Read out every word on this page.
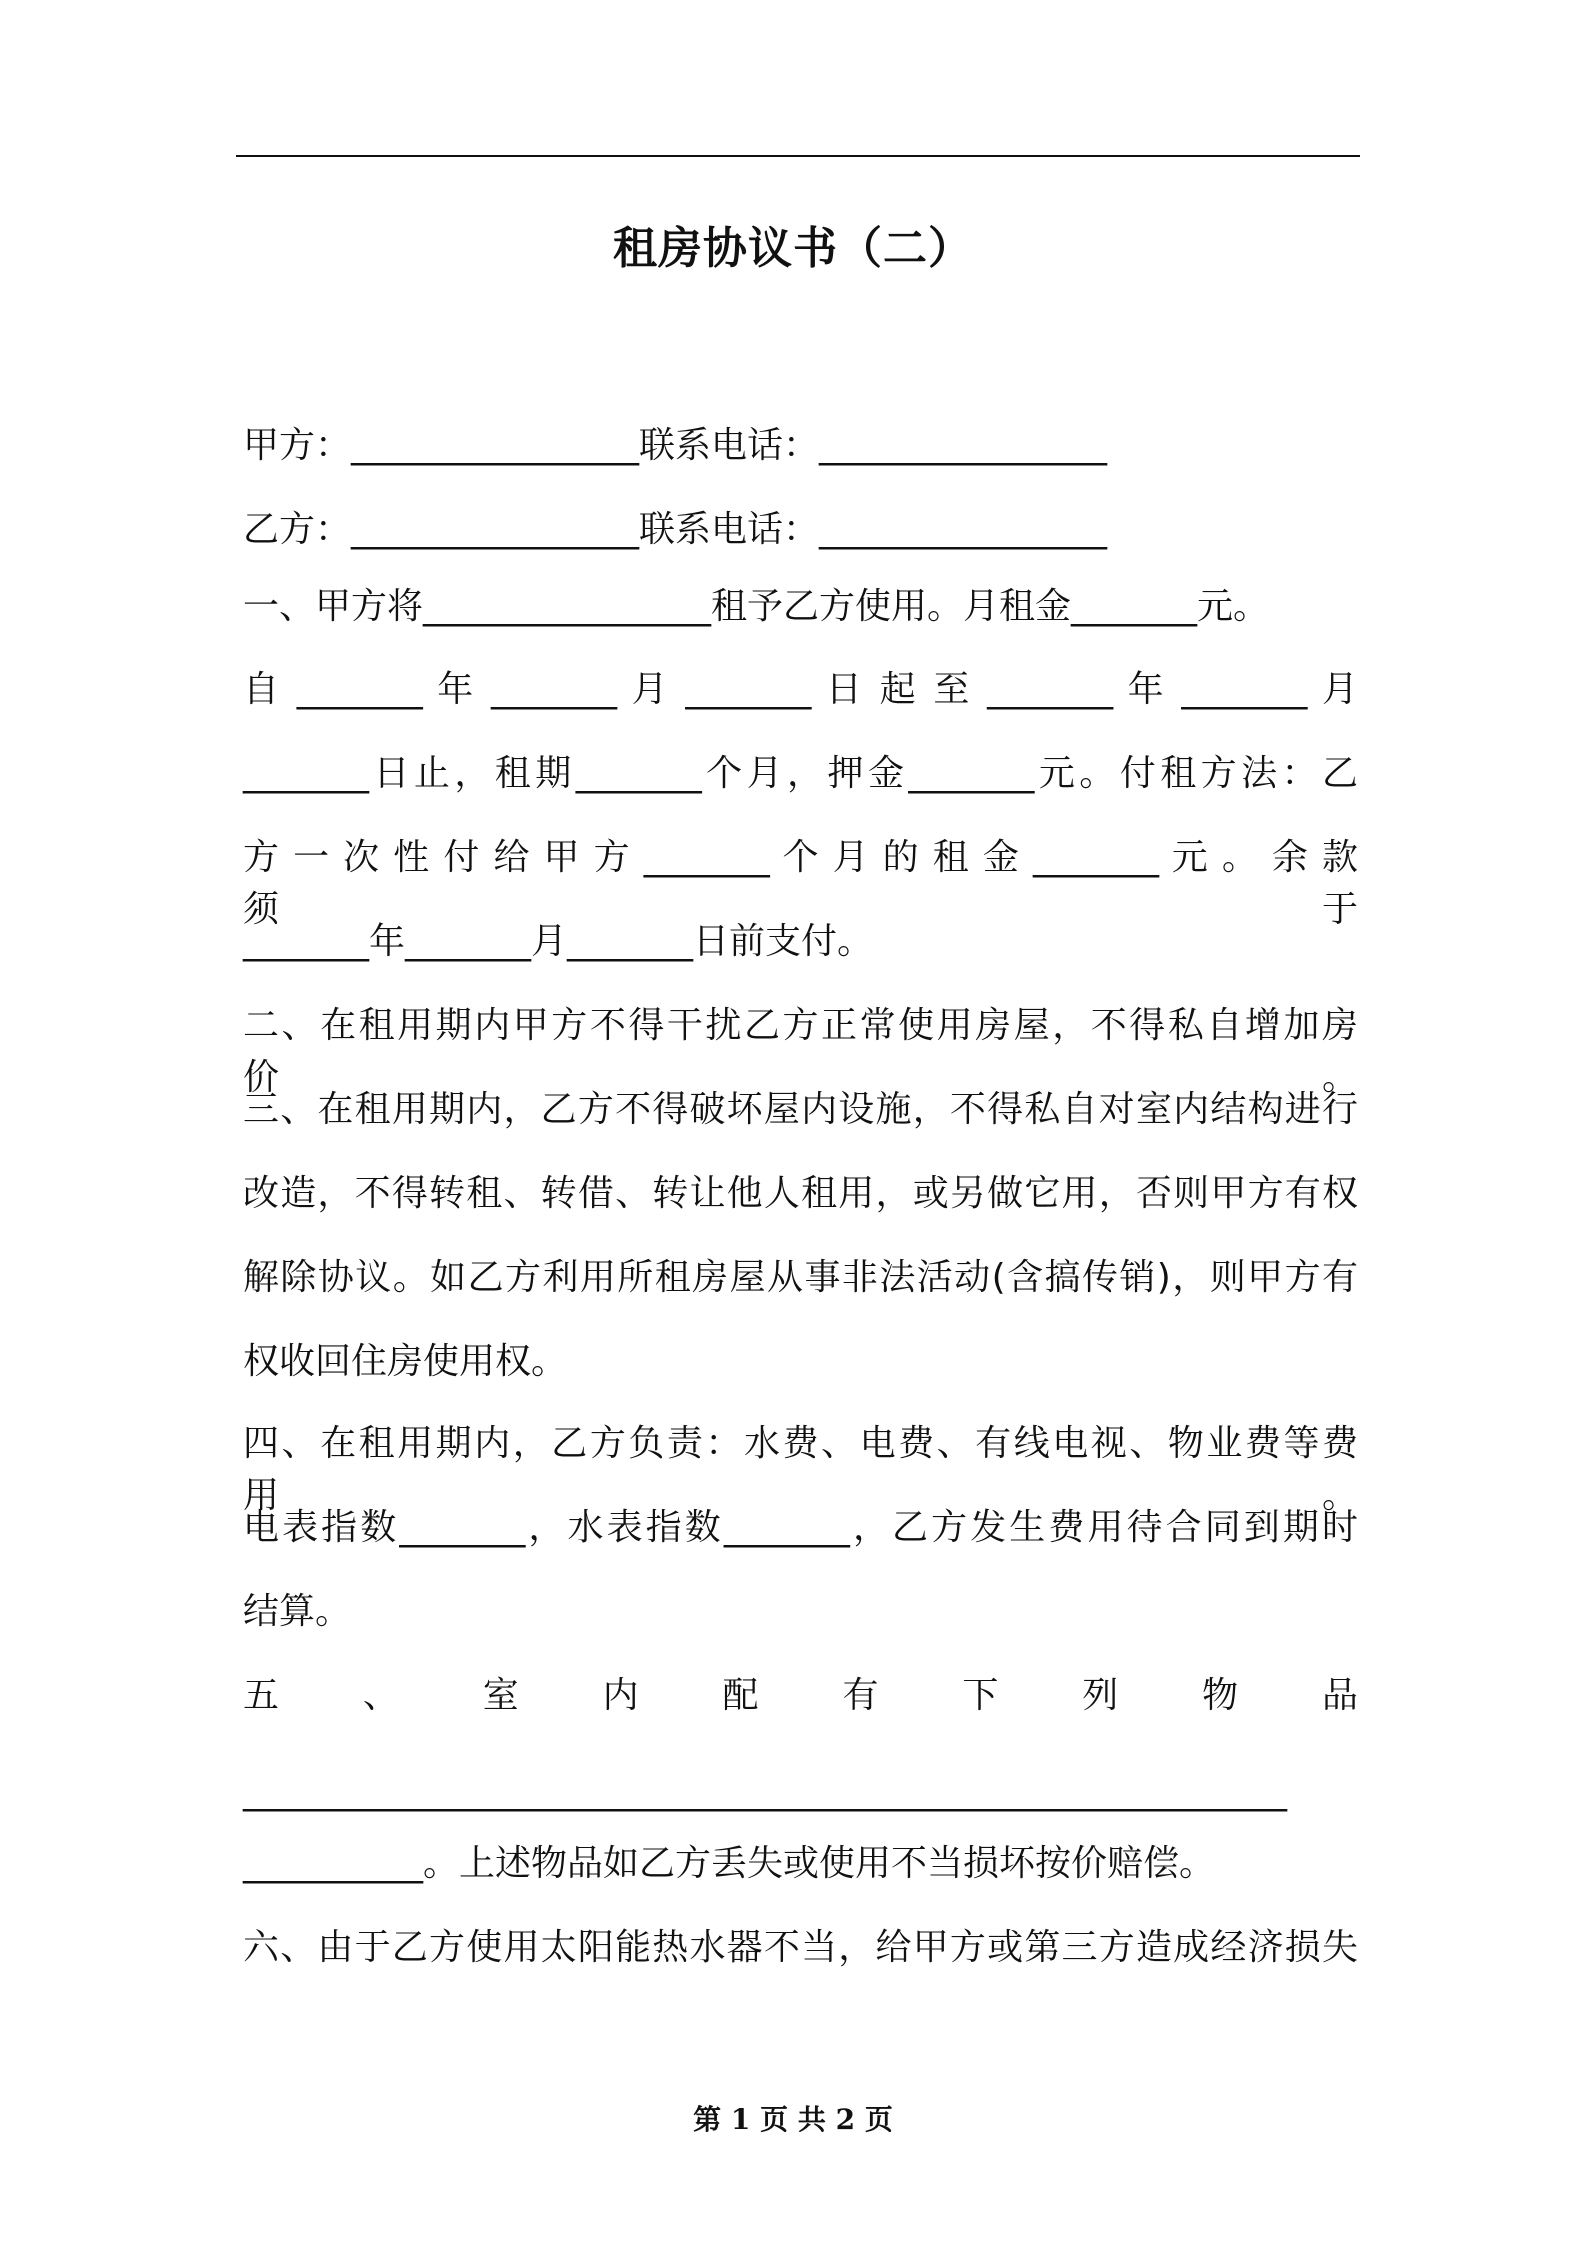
租房协议书（二）
甲方：________________联系电话：________________
乙方：________________联系电话：________________
一、甲方将________________租予乙方使用。月租金_______元。
自 _______ 年 _______ 月 _______ 日 起 至 _______ 年 _______ 月
_______日止，租期_______个月，押金_______元。付租方法：乙
方 一 次 性 付 给 甲 方 _______ 个 月 的 租 金 _______ 元 。 余 款 须 于
_______年_______月_______日前支付。
二、在租用期内甲方不得干扰乙方正常使用房屋，不得私自增加房价。
三、在租用期内，乙方不得破坏屋内设施，不得私自对室内结构进行
改造，不得转租、转借、转让他人租用，或另做它用，否则甲方有权
解除协议。如乙方利用所租房屋从事非法活动(含搞传销)，则甲方有
权收回住房使用权。
四、在租用期内，乙方负责：水费、电费、有线电视、物业费等费用。
电表指数_______，水表指数_______，乙方发生费用待合同到期时
结算。
五 、 室 内 配 有 下 列 物 品
__________________________________________________________
__________。上述物品如乙方丢失或使用不当损坏按价赔偿。
六、由于乙方使用太阳能热水器不当，给甲方或第三方造成经济损失
第 1 页 共 2 页
